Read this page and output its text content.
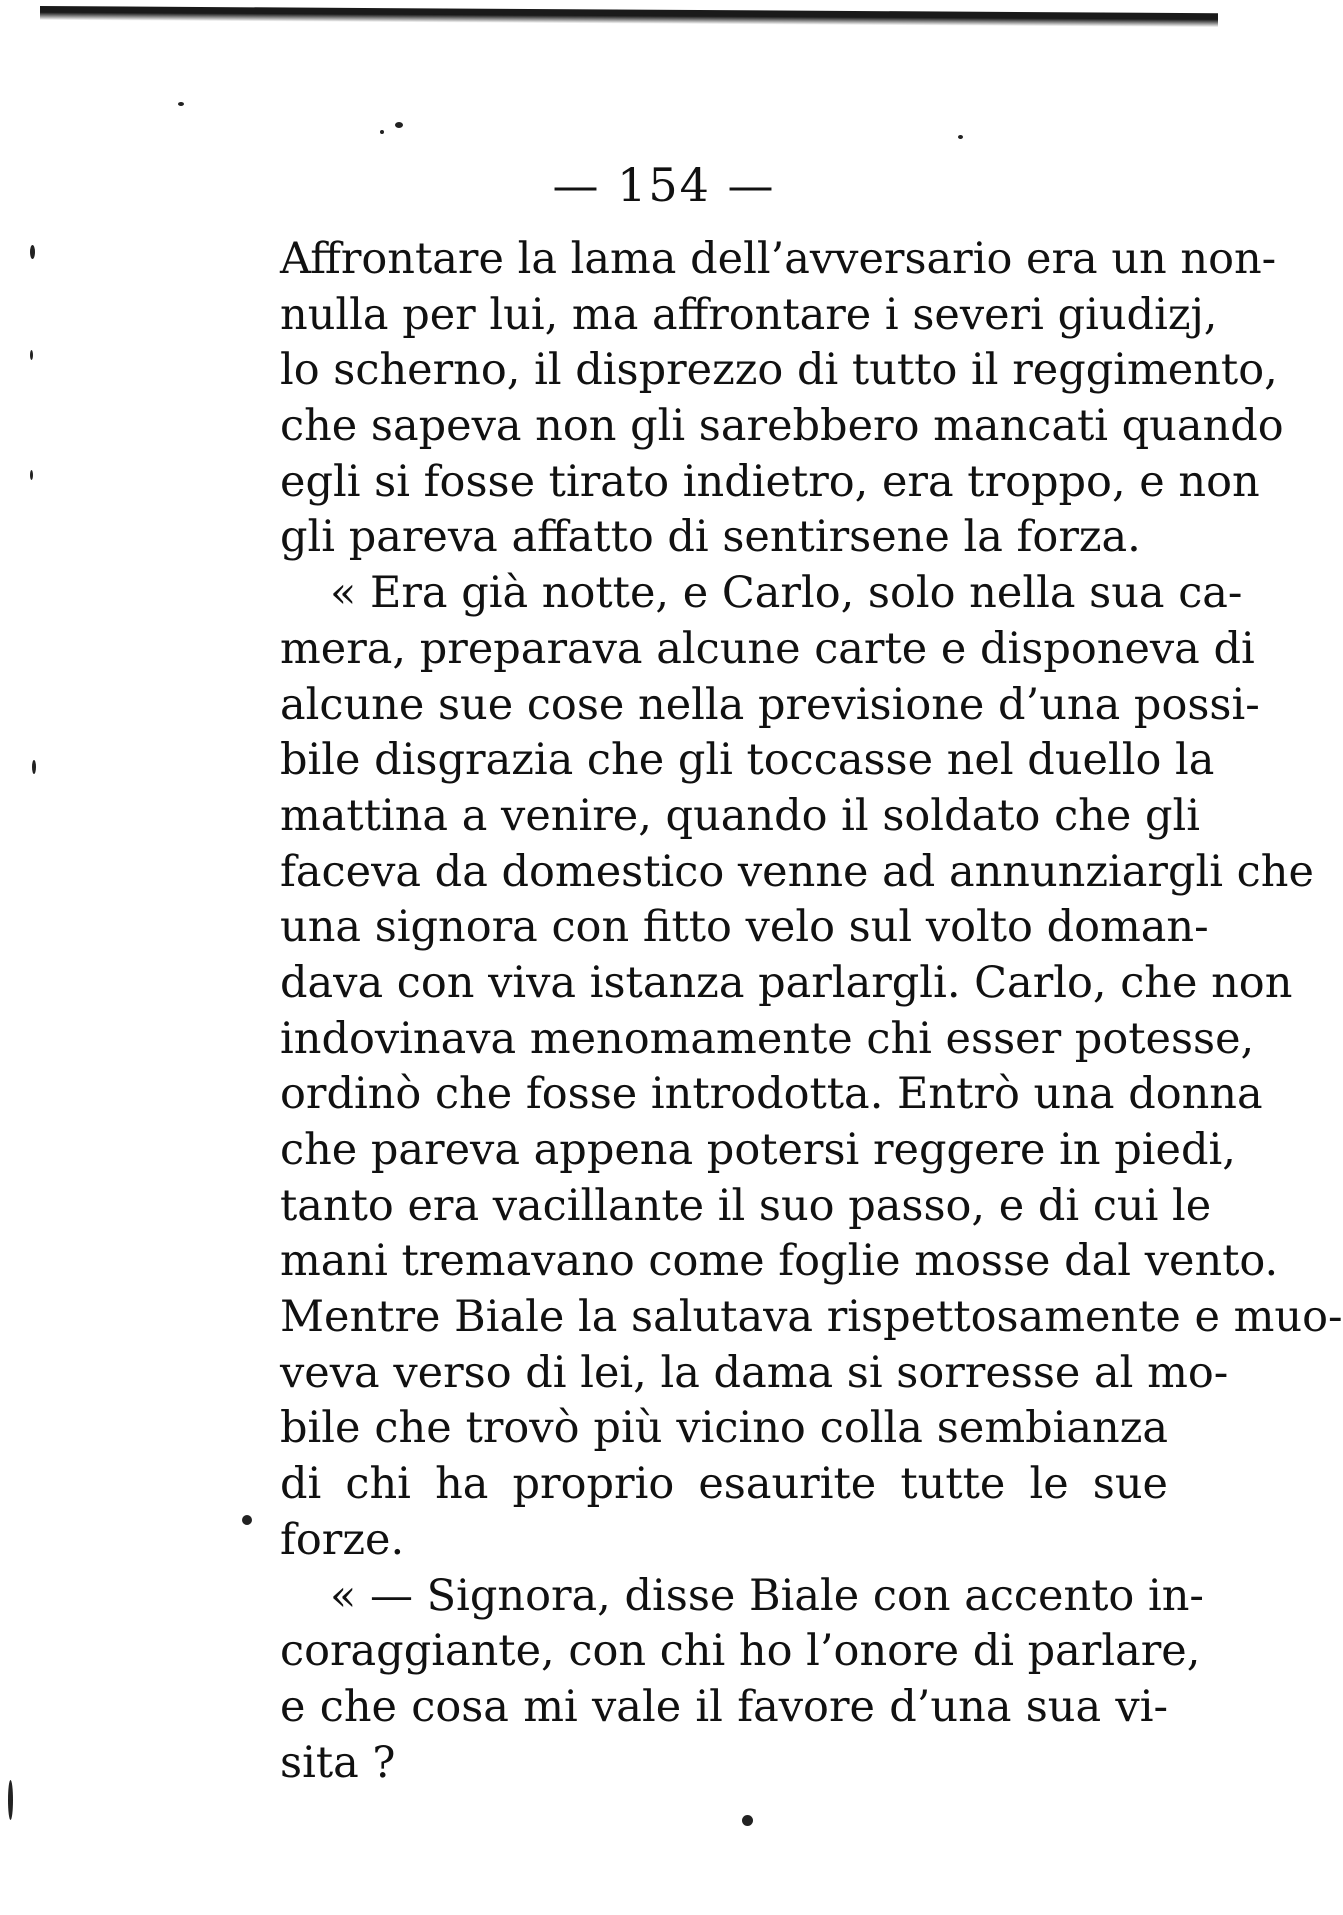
— 154 —
Affrontare la lama dell’avversario era un non-
nulla per lui, ma affrontare i severi giudizj,
lo scherno, il disprezzo di tutto il reggimento,
che sapeva non gli sarebbero mancati quando
egli si fosse tirato indietro, era troppo, e non
gli pareva affatto di sentirsene la forza.
« Era già notte, e Carlo, solo nella sua ca-
mera, preparava alcune carte e disponeva di
alcune sue cose nella previsione d’una possi-
bile disgrazia che gli toccasse nel duello la
mattina a venire, quando il soldato che gli
faceva da domestico venne ad annunziargli che
una signora con fitto velo sul volto doman-
dava con viva istanza parlargli. Carlo, che non
indovinava menomamente chi esser potesse,
ordinò che fosse introdotta. Entrò una donna
che pareva appena potersi reggere in piedi,
tanto era vacillante il suo passo, e di cui le
mani tremavano come foglie mosse dal vento.
Mentre Biale la salutava rispettosamente e muo-
veva verso di lei, la dama si sorresse al mo-
bile che trovò più vicino colla sembianza
di chi ha proprio esaurite tutte le sue
forze.
« — Signora, disse Biale con accento in-
coraggiante, con chi ho l’onore di parlare,
e che cosa mi vale il favore d’una sua vi-
sita ?
